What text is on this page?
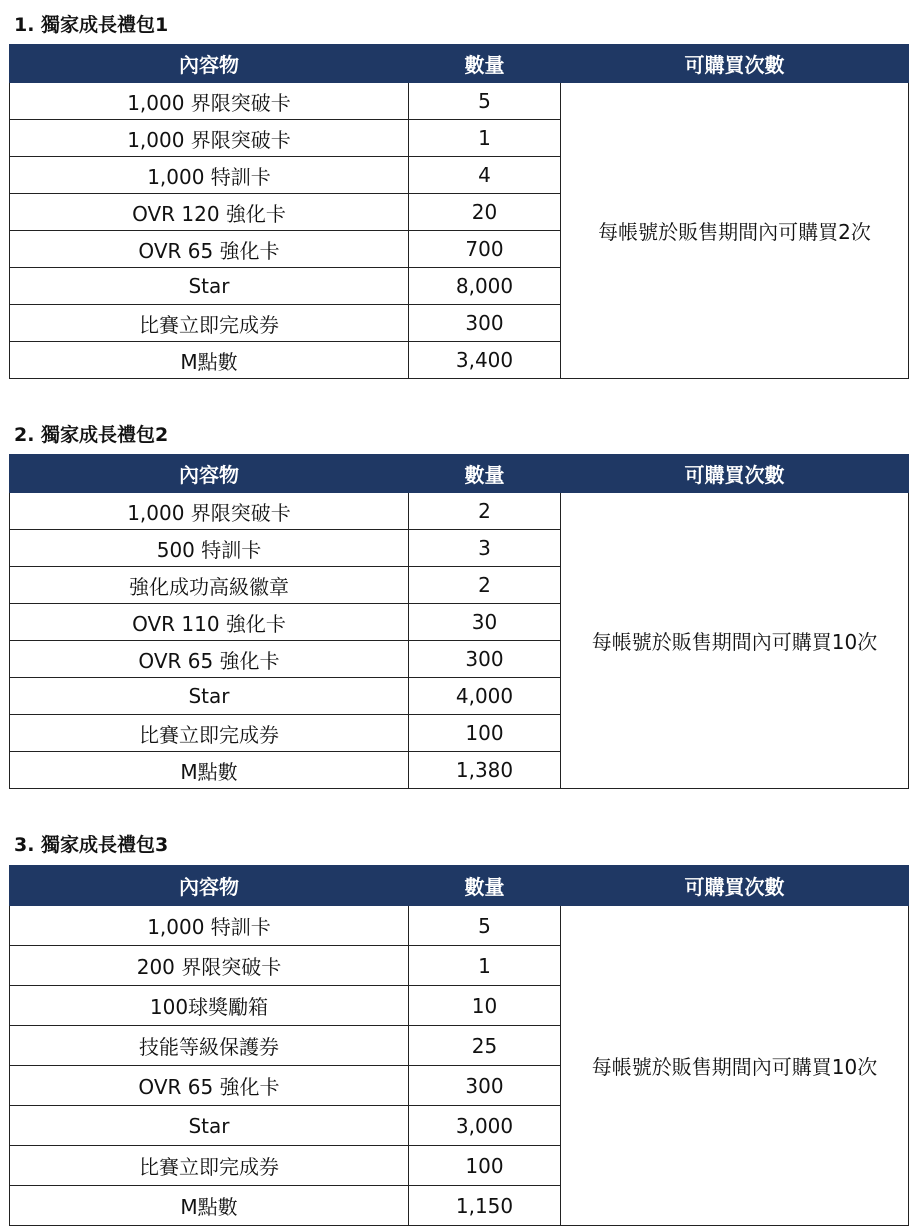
1. 獨家成長禮包1
內容物	數量	可購買次數
1,000 界限突破卡	5	每帳號於販售期間內可購買2次
1,000 界限突破卡	1	
1,000 特訓卡	4	
OVR 120 強化卡	20	
OVR 65 強化卡	700	
Star	8,000	
比賽立即完成券	300	
M點數	3,400	
2. 獨家成長禮包2
內容物	數量	可購買次數
1,000 界限突破卡	2	每帳號於販售期間內可購買10次
500 特訓卡	3	
強化成功高級徽章	2	
OVR 110 強化卡	30	
OVR 65 強化卡	300	
Star	4,000	
比賽立即完成券	100	
M點數	1,380	
3. 獨家成長禮包3
內容物	數量	可購買次數
1,000 特訓卡	5	每帳號於販售期間內可購買10次
200 界限突破卡	1	
100球獎勵箱	10	
技能等級保護券	25	
OVR 65 強化卡	300	
Star	3,000	
比賽立即完成券	100	
M點數	1,150	
